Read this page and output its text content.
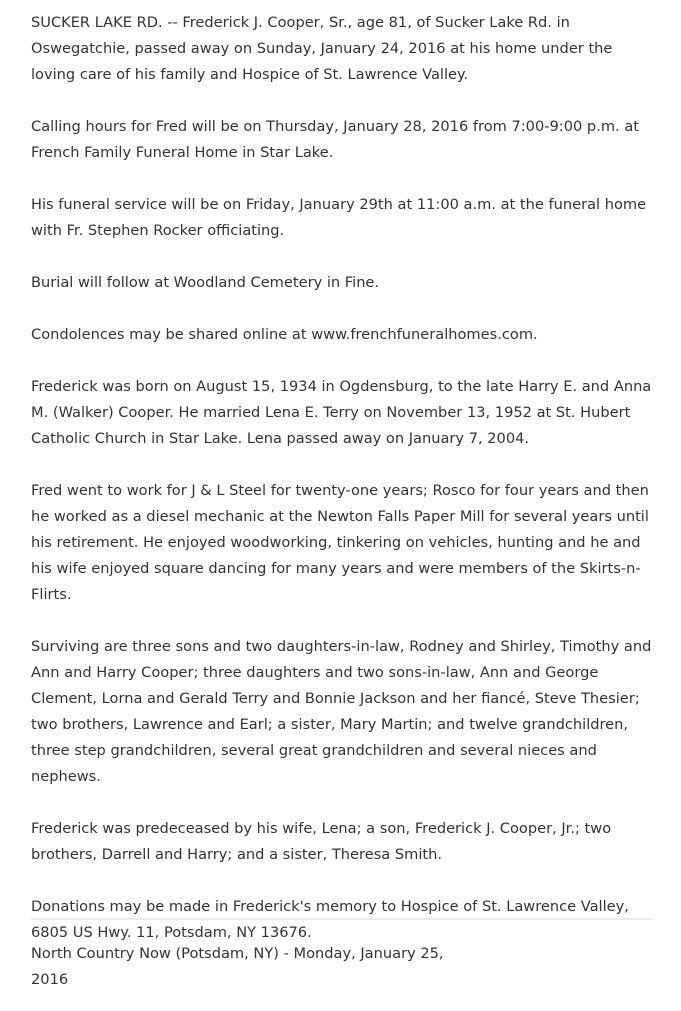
SUCKER LAKE RD. -- Frederick J. Cooper, Sr., age 81, of Sucker Lake Rd. in Oswegatchie, passed away on Sunday, January 24, 2016 at his home under the loving care of his family and Hospice of St. Lawrence Valley.

Calling hours for Fred will be on Thursday, January 28, 2016 from 7:00-9:00 p.m. at French Family Funeral Home in Star Lake.

His funeral service will be on Friday, January 29th at 11:00 a.m. at the funeral home with Fr. Stephen Rocker officiating.

Burial will follow at Woodland Cemetery in Fine.

Condolences may be shared online at www.frenchfuneralhomes.com.

Frederick was born on August 15, 1934 in Ogdensburg, to the late Harry E. and Anna M. (Walker) Cooper. He married Lena E. Terry on November 13, 1952 at St. Hubert Catholic Church in Star Lake. Lena passed away on January 7, 2004.

Fred went to work for J & L Steel for twenty-one years; Rosco for four years and then he worked as a diesel mechanic at the Newton Falls Paper Mill for several years until his retirement. He enjoyed woodworking, tinkering on vehicles, hunting and he and his wife enjoyed square dancing for many years and were members of the Skirts-n-Flirts.

Surviving are three sons and two daughters-in-law, Rodney and Shirley, Timothy and Ann and Harry Cooper; three daughters and two sons-in-law, Ann and George Clement, Lorna and Gerald Terry and Bonnie Jackson and her fiancé, Steve Thesier; two brothers, Lawrence and Earl; a sister, Mary Martin; and twelve grandchildren, three step grandchildren, several great grandchildren and several nieces and nephews.

Frederick was predeceased by his wife, Lena; a son, Frederick J. Cooper, Jr.; two brothers, Darrell and Harry; and a sister, Theresa Smith.

Donations may be made in Frederick's memory to Hospice of St. Lawrence Valley, 6805 US Hwy. 11, Potsdam, NY 13676.

North Country Now (Potsdam, NY) - Monday, January 25, 2016
